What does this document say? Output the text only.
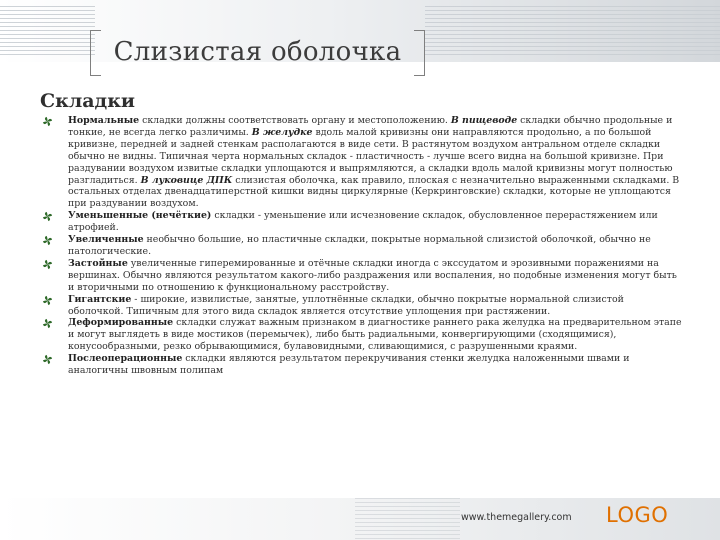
Слизистая оболочка
Складки
Нормальные складки должны соответствовать органу и местоположению. В пищеводе складки обычно продольные и тонкие, не всегда легко различимы. В желудке вдоль малой кривизны они направляются продольно, а по большой кривизне, передней и задней стенкам располагаются в виде сети. В растянутом воздухом антральном отделе складки обычно не видны. Типичная черта нормальных складок - пластичность - лучше всего видна на большой кривизне. При раздувании воздухом извитые складки уплощаются и выпрямляются, а складки вдоль малой кривизны могут полностью разгладиться. В луковице ДПК слизистая оболочка, как правило, плоская с незначительно выраженными складками. В остальных отделах двенадцатиперстной кишки видны циркулярные (Керкринговские) складки, которые не уплощаются при раздувании воздухом.
Уменьшенные (нечёткие) складки - уменьшение или исчезновение складок, обусловленное перерастяжением или атрофией.
Увеличенные необычно большие, но пластичные складки, покрытые нормальной слизистой оболочкой, обычно не патологические.
Застойные увеличенные гиперемированные и отёчные складки иногда с экссудатом и эрозивными поражениями на вершинах. Обычно являются результатом какого-либо раздражения или воспаления, но подобные изменения могут быть и вторичными по отношению к функциональному расстройству.
Гигантские - широкие, извилистые, занятые, уплотнённые складки, обычно покрытые нормальной слизистой оболочкой. Типичным для этого вида складок является отсутствие уплощения при растяжении.
Деформированные складки служат важным признаком в диагностике раннего рака желудка на предварительном этапе и могут выглядеть в виде мостиков (перемычек), либо быть радиальными, конвергирующими (сходящимися), конусообразными, резко обрывающимися, булавовидными, сливающимися, с разрушенными краями.
Послеоперационные складки являются результатом перекручивания стенки желудка наложенными швами и аналогичны швовным полипам
www.themegallery.com LOGO
